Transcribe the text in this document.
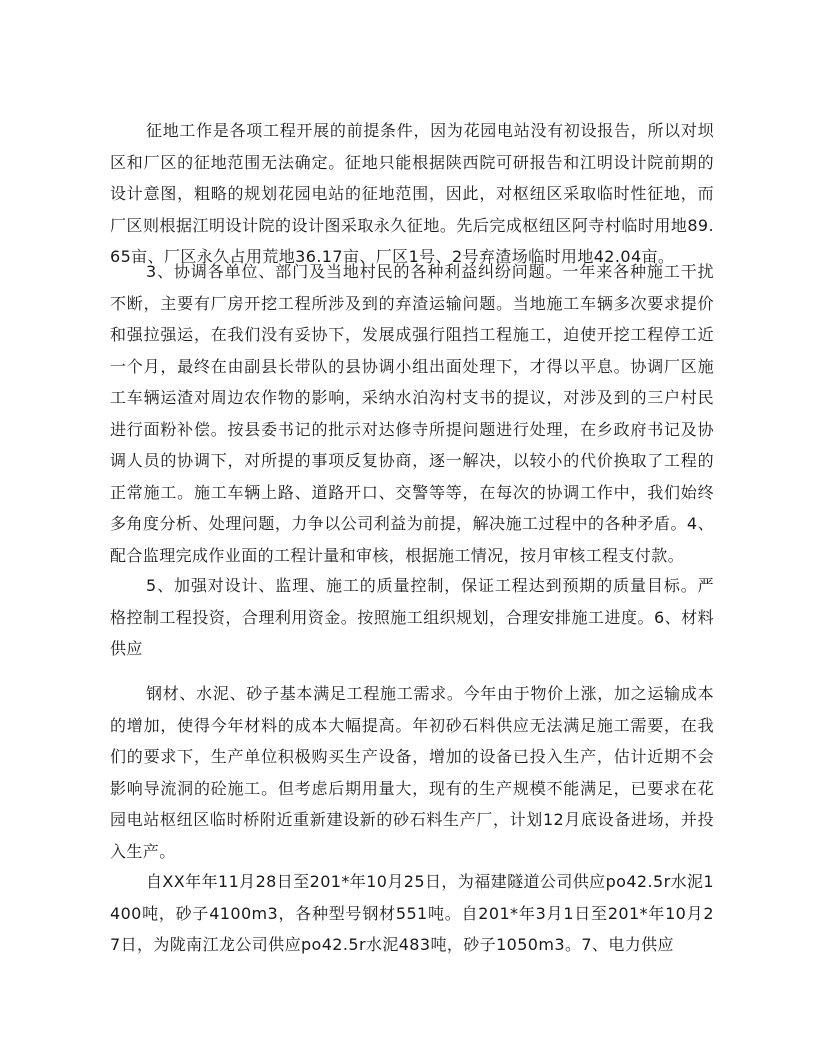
征地工作是各项工程开展的前提条件，因为花园电站没有初设报告，所以对坝区和厂区的征地范围无法确定。征地只能根据陕西院可研报告和江明设计院前期的设计意图，粗略的规划花园电站的征地范围，因此，对枢纽区采取临时性征地，而厂区则根据江明设计院的设计图采取永久征地。先后完成枢纽区阿寺村临时用地89.65亩、厂区永久占用荒地36.17亩、厂区1号、2号弃渣场临时用地42.04亩。

3、协调各单位、部门及当地村民的各种利益纠纷问题。一年来各种施工干扰不断，主要有厂房开挖工程所涉及到的弃渣运输问题。当地施工车辆多次要求提价和强拉强运，在我们没有妥协下，发展成强行阻挡工程施工，迫使开挖工程停工近一个月，最终在由副县长带队的县协调小组出面处理下，才得以平息。协调厂区施工车辆运渣对周边农作物的影响，采纳水泊沟村支书的提议，对涉及到的三户村民进行面粉补偿。按县委书记的批示对达修寺所提问题进行处理，在乡政府书记及协调人员的协调下，对所提的事项反复协商，逐一解决，以较小的代价换取了工程的正常施工。施工车辆上路、道路开口、交警等等，在每次的协调工作中，我们始终多角度分析、处理问题，力争以公司利益为前提，解决施工过程中的各种矛盾。4、配合监理完成作业面的工程计量和审核，根据施工情况，按月审核工程支付款。

5、加强对设计、监理、施工的质量控制，保证工程达到预期的质量目标。严格控制工程投资，合理利用资金。按照施工组织规划，合理安排施工进度。6、材料供应

钢材、水泥、砂子基本满足工程施工需求。今年由于物价上涨，加之运输成本的增加，使得今年材料的成本大幅提高。年初砂石料供应无法满足施工需要，在我们的要求下，生产单位积极购买生产设备，增加的设备已投入生产，估计近期不会影响导流洞的砼施工。但考虑后期用量大，现有的生产规模不能满足，已要求在花园电站枢纽区临时桥附近重新建设新的砂石料生产厂，计划12月底设备进场，并投入生产。

自XX年年11月28日至201*年10月25日，为福建隧道公司供应po42.5r水泥1400吨，砂子4100m3，各种型号钢材551吨。自201*年3月1日至201*年10月27日，为陇南江龙公司供应po42.5r水泥483吨，砂子1050m3。7、电力供应
